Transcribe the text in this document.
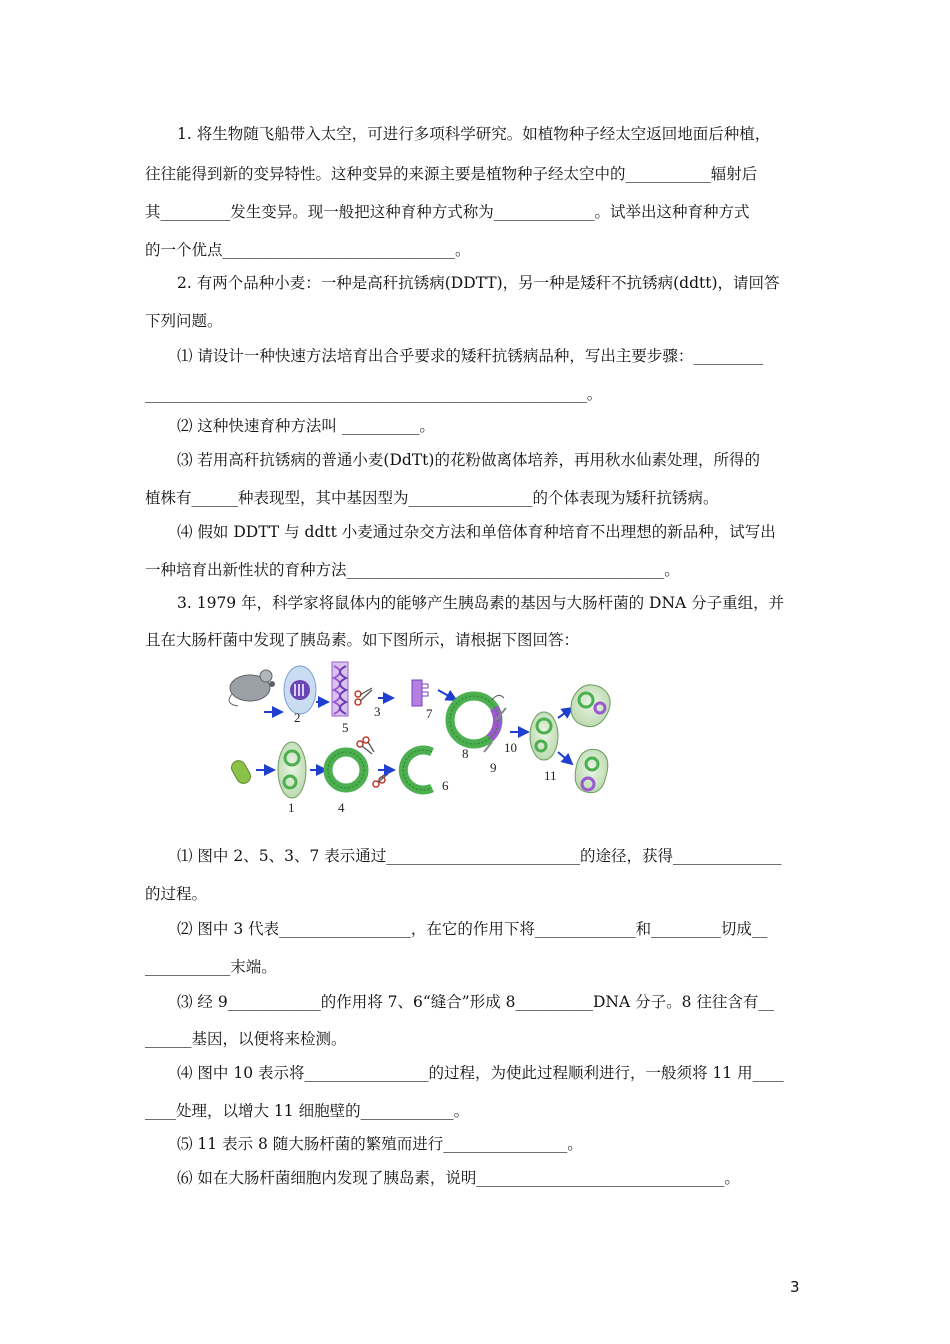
1. 将生物随飞船带入太空，可进行多项科学研究。如植物种子经太空返回地面后种植，
往往能得到新的变异特性。这种变异的来源主要是植物种子经太空中的___________辐射后
其_________发生变异。现一般把这种育种方式称为_____________。试举出这种育种方式
的一个优点______________________________。
2. 有两个品种小麦：一种是高秆抗锈病(DDTT)，另一种是矮秆不抗锈病(ddtt)，请回答
下列问题。
⑴ 请设计一种快速方法培育出合乎要求的矮秆抗锈病品种，写出主要步骤：_________
_________________________________________________________。
⑵ 这种快速育种方法叫 __________。
⑶ 若用高秆抗锈病的普通小麦(DdTt)的花粉做离体培养，再用秋水仙素处理，所得的
植株有______种表现型，其中基因型为________________的个体表现为矮秆抗锈病。
⑷ 假如 DDTT 与 ddtt 小麦通过杂交方法和单倍体育种培育不出理想的新品种，试写出
一种培育出新性状的育种方法_________________________________________。
3. 1979 年，科学家将鼠体内的能够产生胰岛素的基因与大肠杆菌的 DNA 分子重组，并
且在大肠杆菌中发现了胰岛素。如下图所示，请根据下图回答：
2
5
3	7
8
9
10
11
1	4
6
⑴ 图中 2、5、3、7 表示通过_________________________的途径，获得______________
的过程。
⑵ 图中 3 代表_________________，在它的作用下将_____________和_________切成__
___________末端。
⑶ 经 9____________的作用将 7、6“缝合”形成 8__________DNA 分子。8 往往含有__
______基因，以便将来检测。
⑷ 图中 10 表示将________________的过程，为使此过程顺利进行，一般须将 11 用____
____处理，以增大 11 细胞壁的____________。
⑸ 11 表示 8 随大肠杆菌的繁殖而进行________________。
⑹ 如在大肠杆菌细胞内发现了胰岛素，说明________________________________。
3
